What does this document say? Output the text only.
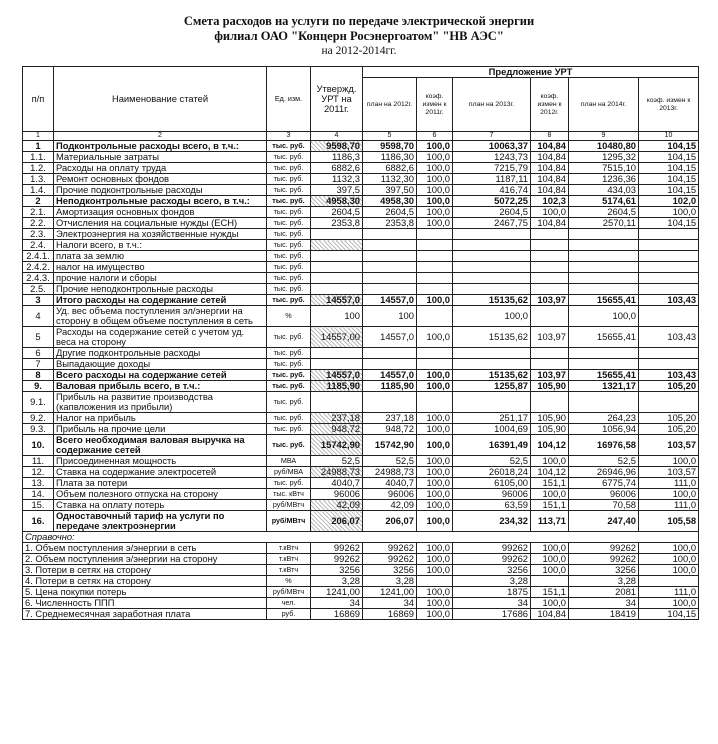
Смета расходов на услуги по передаче электрической энергии
филиал ОАО "Концерн Росэнергоатом" "НВ АЭС"
на 2012-2014гг.
п/п	Наименование статей	Ед. изм.	Утвержд. УРТ на 2011г.	Предложение УРТ					
				план на 2012г.	коэф. измен к 2011г.	план на 2013г.	коэф. измен к 2012г.	план на 2014г.	коэф. измен к 2013г.
1	2	3	4	5	6	7	8	9	10
1	Подконтрольные расходы всего, в т.ч.:	тыс. руб.	9598,70	9598,70	100,0	10063,37	104,84	10480,80	104,15
1.1.	Материальные затраты	тыс. руб.	1186,3	1186,30	100,0	1243,73	104,84	1295,32	104,15
1.2.	Расходы на оплату труда	тыс. руб.	6882,6	6882,6	100,0	7215,79	104,84	7515,10	104,15
1.3.	Ремонт основных фондов	тыс. руб.	1132,3	1132,30	100,0	1187,11	104,84	1236,36	104,15
1.4.	Прочие подконтрольные расходы	тыс. руб.	397,5	397,50	100,0	416,74	104,84	434,03	104,15
2	Неподконтрольные расходы всего, в т.ч.:	тыс. руб.	4958,30	4958,30	100,0	5072,25	102,3	5174,61	102,0
2.1.	Амортизация основных фондов	тыс. руб.	2604,5	2604,5	100,0	2604,5	100,0	2604,5	100,0
2.2.	Отчисления на социальные нужды (ЕСН)	тыс. руб.	2353,8	2353,8	100,0	2467,75	104,84	2570,11	104,15
2.3.	Электроэнергия на хозяйственные нужды	тыс. руб.							
2.4.	Налоги всего, в т.ч.:	тыс. руб.							
2.4.1.	плата за землю	тыс. руб.							
2.4.2.	налог на имущество	тыс. руб.							
2.4.3.	прочие налоги и сборы	тыс. руб.							
2.5.	Прочие неподконтрольные расходы	тыс. руб.							
3	Итого расходы на содержание сетей	тыс. руб.	14557,0	14557,0	100,0	15135,62	103,97	15655,41	103,43
4	Уд. вес объема поступления эл/энергии на сторону в общем объеме поступления в сеть	%	100	100		100,0		100,0	
5	Расходы на содержание сетей с учетом уд. веса на сторону	тыс. руб.	14557,00	14557,0	100,0	15135,62	103,97	15655,41	103,43
6	Другие подконтрольные расходы	тыс. руб.							
7	Выпадающие доходы	тыс. руб.							
8	Всего расходы на содержание сетей	тыс. руб.	14557,0	14557,0	100,0	15135,62	103,97	15655,41	103,43
9.	Валовая прибыль всего, в т.ч.:	тыс. руб.	1185,90	1185,90	100,0	1255,87	105,90	1321,17	105,20
9.1.	Прибыль на развитие производства (капвложения из прибыли)	тыс. руб.							
9.2.	Налог на прибыль	тыс. руб.	237,18	237,18	100,0	251,17	105,90	264,23	105,20
9.3.	Прибыль на прочие цели	тыс. руб.	948,72	948,72	100,0	1004,69	105,90	1056,94	105,20
10.	Всего необходимая валовая выручка на содержание сетей	тыс. руб.	15742,90	15742,90	100,0	16391,49	104,12	16976,58	103,57
11.	Присоединенная мощность	МВА	52,5	52,5	100,0	52,5	100,0	52,5	100,0
12.	Ставка на содержание электросетей	руб/МВА	24988,73	24988,73	100,0	26018,24	104,12	26946,96	103,57
13.	Плата за потери	тыс. руб.	4040,7	4040,7	100,0	6105,00	151,1	6775,74	111,0
14.	Объем полезного отпуска на сторону	тыс. кВтч	96006	96006	100,0	96006	100,0	96006	100,0
15.	Ставка на оплату потерь	руб/МВтч	42,09	42,09	100,0	63,59	151,1	70,58	111,0
16.	Одноставочный тариф на услуги по передаче электроэнергии	руб/МВтч	206,07	206,07	100,0	234,32	113,71	247,40	105,58
Справочно:									
1. Объем поступления э/энергии в сеть		т.кВтч	99262	99262	100,0	99262	100,0	99262	100,0
2. Объем поступления э/энергии на сторону		т.кВтч	99262	99262	100,0	99262	100,0	99262	100,0
3. Потери в сетях на сторону		т.кВтч	3256	3256	100,0	3256	100,0	3256	100,0
4. Потери в сетях на сторону		%	3,28	3,28		3,28		3,28	
5. Цена покупки потерь		руб/МВтч	1241,00	1241,00	100,0	1875	151,1	2081	111,0
6. Численность ППП		чел.	34	34	100,0	34	100,0	34	100,0
7. Среднемесячная заработная плата		руб.	16869	16869	100,0	17686	104,84	18419	104,15
